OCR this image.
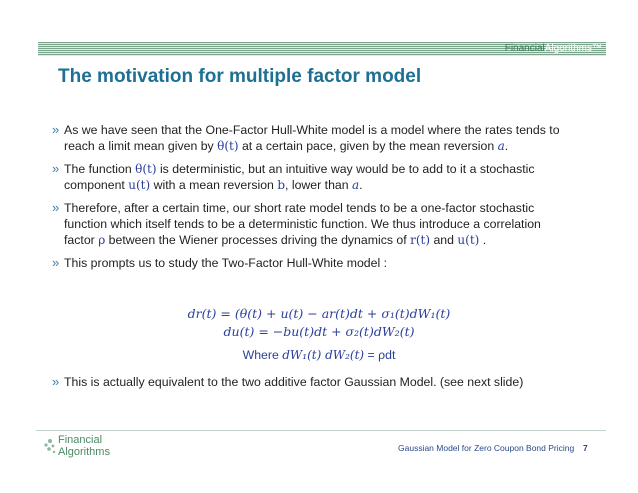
FinancialAlgorithms™
The motivation for multiple factor model
» As we have seen that the One-Factor Hull-White model is a model where the rates tends to
reach a limit mean given by θ(t) at a certain pace, given by the mean reversion a.
» The function θ(t) is deterministic, but an intuitive way would be to add to it a stochastic
component u(t) with a mean reversion b, lower than a.
» Therefore, after a certain time, our short rate model tends to be a one-factor stochastic
function which itself tends to be a deterministic function. We thus introduce a correlation
factor ρ between the Wiener processes driving the dynamics of r(t) and u(t) .
» This prompts us to study the Two-Factor Hull-White model :
dr(t) = (θ(t) + u(t) − ar(t)dt + σ₁(t)dW₁(t)
du(t) = −bu(t)dt + σ₂(t)dW₂(t)
Where dW₁(t) dW₂(t) = ρdt
» This is actually equivalent to the two additive factor Gaussian Model. (see next slide)
Financial
Algorithms	Gaussian Model for Zero Coupon Bond Pricing 7
